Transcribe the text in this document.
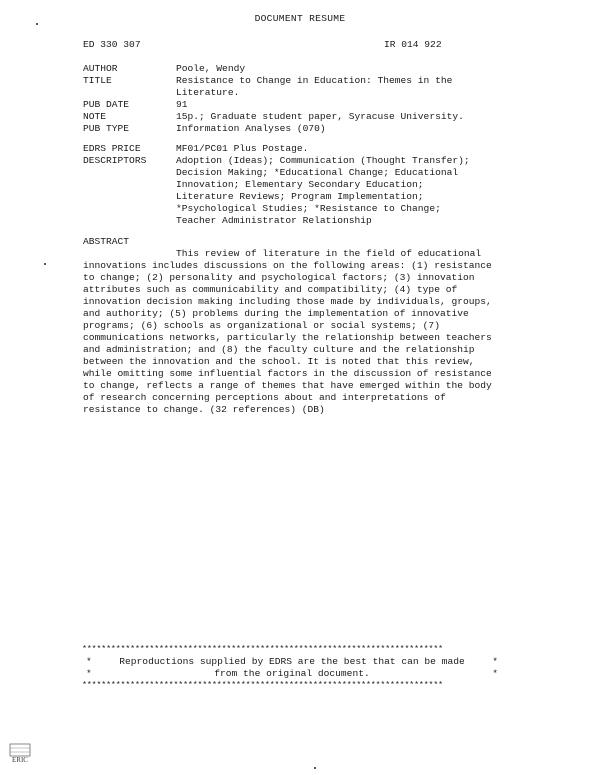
DOCUMENT RESUME
ED 330 307	IR 014 922
AUTHOR	Poole, Wendy
TITLE	Resistance to Change in Education: Themes in the Literature.
PUB DATE	91
NOTE	15p.; Graduate student paper, Syracuse University.
PUB TYPE	Information Analyses (070)
EDRS PRICE	MF01/PC01 Plus Postage.
DESCRIPTORS	Adoption (Ideas); Communication (Thought Transfer); Decision Making; *Educational Change; Educational Innovation; Elementary Secondary Education; Literature Reviews; Program Implementation; *Psychological Studies; *Resistance to Change; Teacher Administrator Relationship
ABSTRACT
This review of literature in the field of educational innovations includes discussions on the following areas: (1) resistance to change; (2) personality and psychological factors; (3) innovation attributes such as communicability and compatibility; (4) type of innovation decision making including those made by individuals, groups, and authority; (5) problems during the implementation of innovative programs; (6) schools as organizational or social systems; (7) communications networks, particularly the relationship between teachers and administration; and (8) the faculty culture and the relationship between the innovation and the school. It is noted that this review, while omitting some influential factors in the discussion of resistance to change, reflects a range of themes that have emerged within the body of research concerning perceptions about and interpretations of resistance to change. (32 references) (DB)
***************************************************************************
*	Reproductions supplied by EDRS are the best that can be made	*
*	from the original document.	*
***************************************************************************
ERIC
